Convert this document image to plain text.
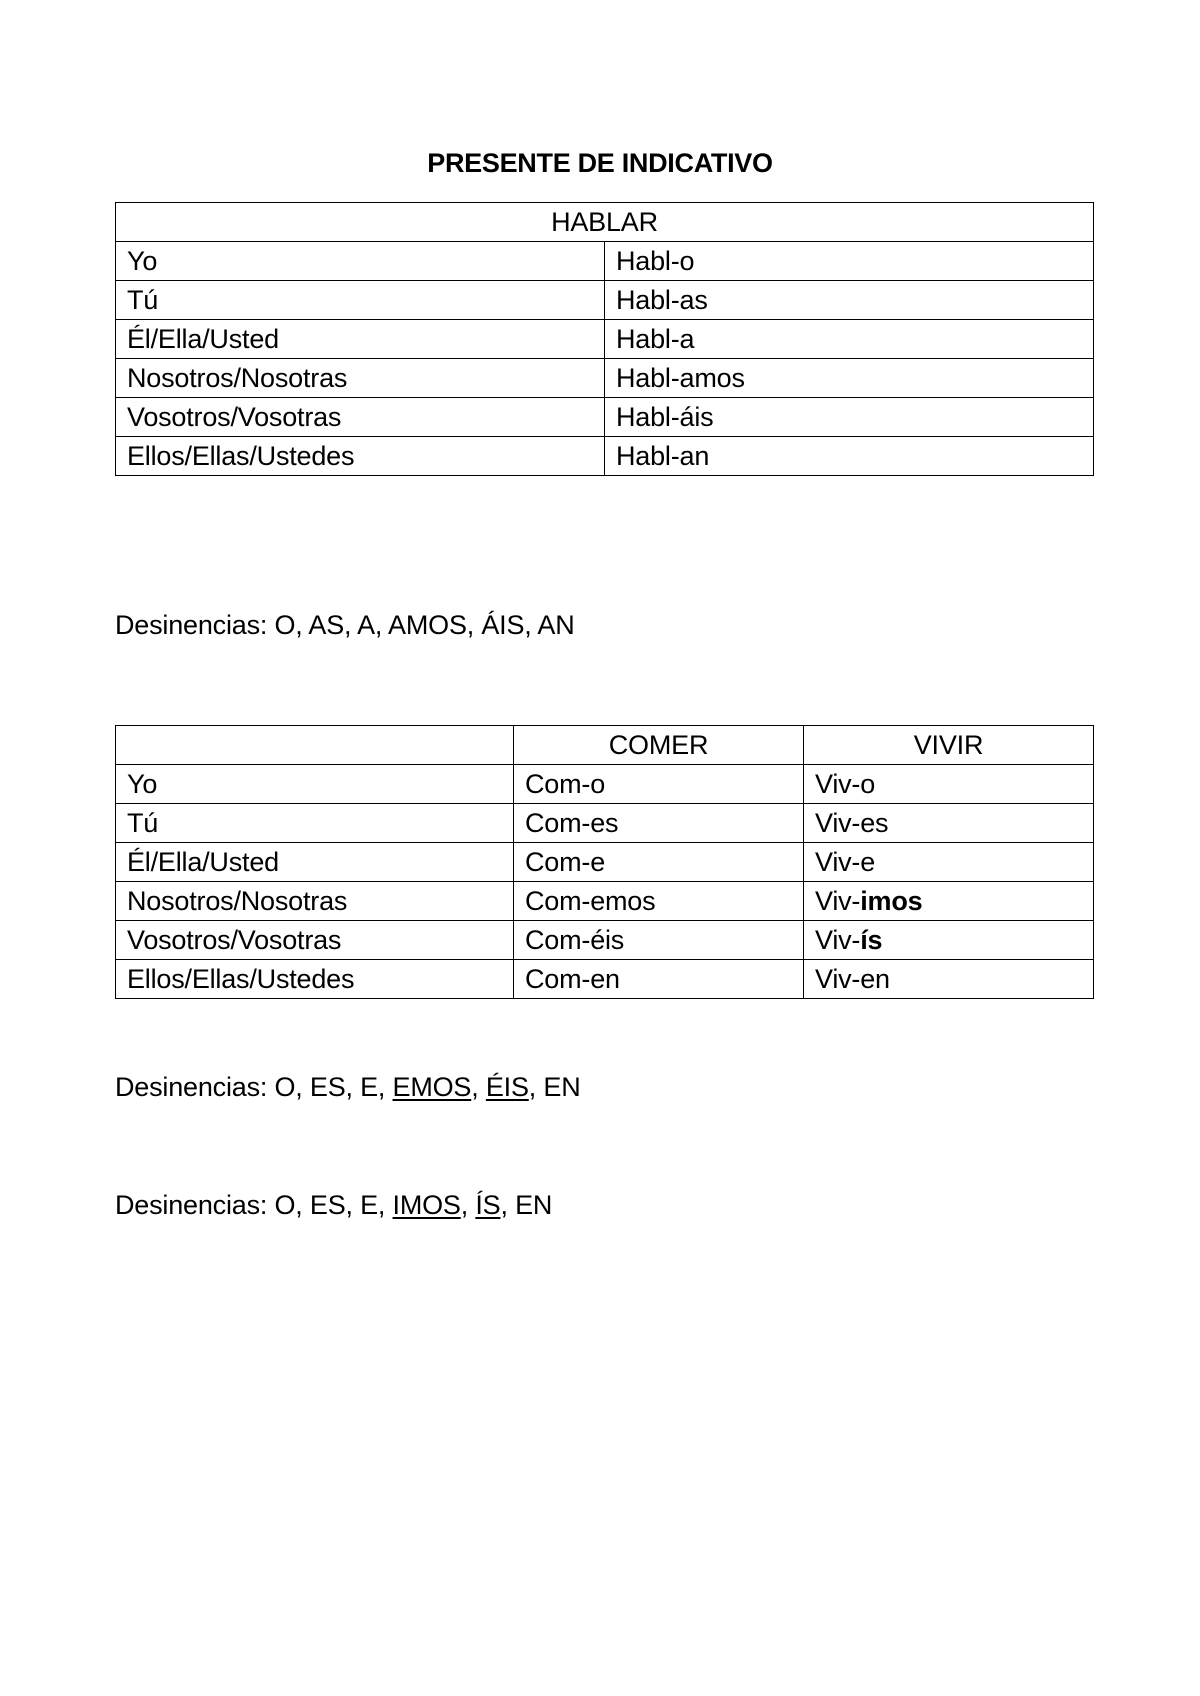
PRESENTE DE INDICATIVO
HABLAR	
Yo	Habl-o
Tú	Habl-as
Él/Ella/Usted	Habl-a
Nosotros/Nosotras	Habl-amos
Vosotros/Vosotras	Habl-áis
Ellos/Ellas/Ustedes	Habl-an
Desinencias: O, AS, A, AMOS, ÁIS, AN
	COMER	VIVIR
Yo	Com-o	Viv-o
Tú	Com-es	Viv-es
Él/Ella/Usted	Com-e	Viv-e
Nosotros/Nosotras	Com-emos	Viv-imos
Vosotros/Vosotras	Com-éis	Viv-ís
Ellos/Ellas/Ustedes	Com-en	Viv-en
Desinencias: O, ES, E, EMOS, ÉIS, EN
Desinencias: O, ES, E, IMOS, ÍS, EN
